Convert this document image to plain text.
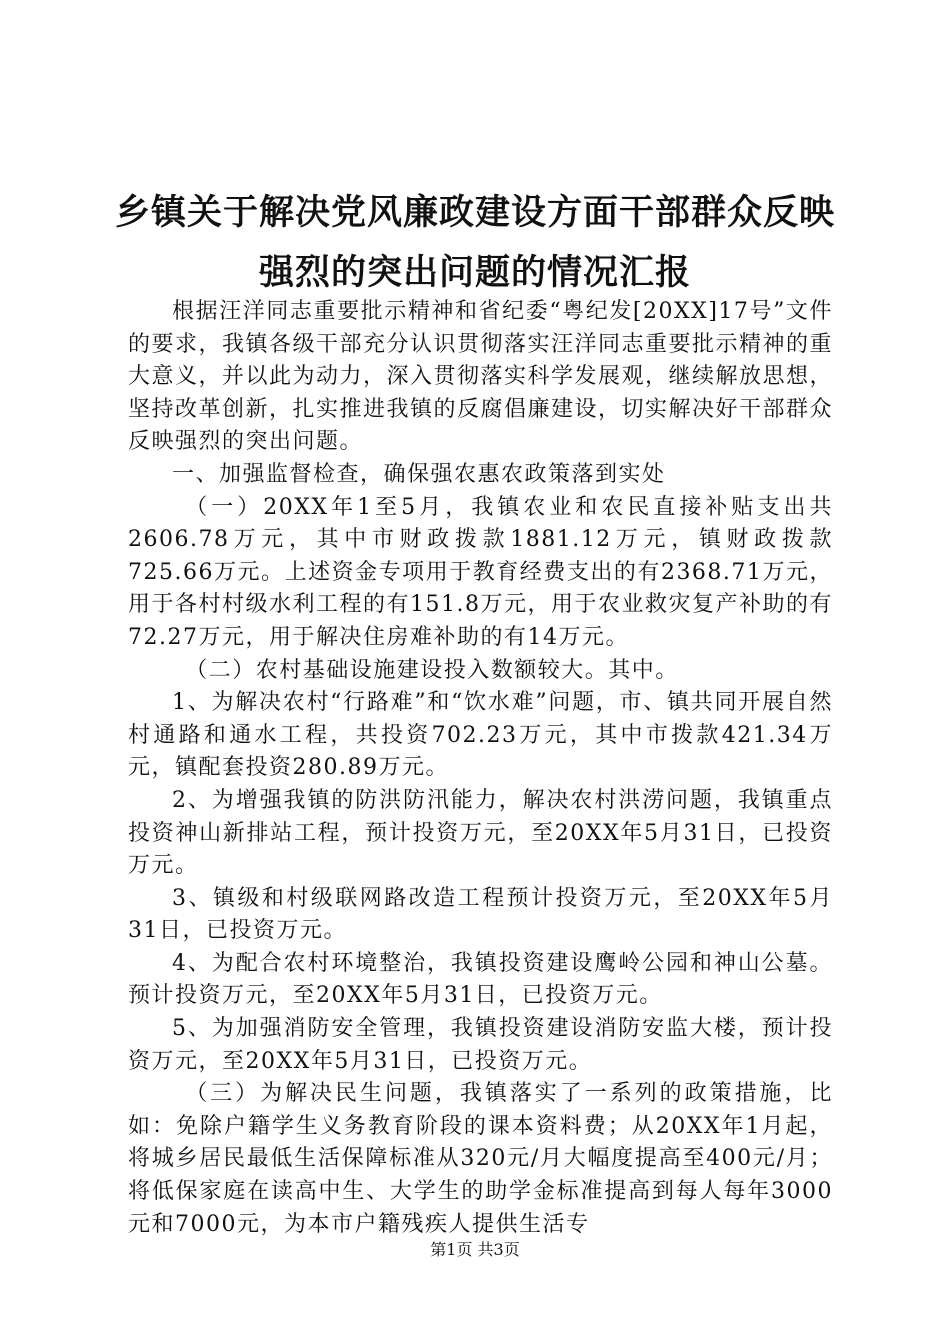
乡镇关于解决党风廉政建设方面干部群众反映
强烈的突出问题的情况汇报

根据汪洋同志重要批示精神和省纪委“粤纪发[20XX]17号”文件的要求，我镇各级干部充分认识贯彻落实汪洋同志重要批示精神的重大意义，并以此为动力，深入贯彻落实科学发展观，继续解放思想，坚持改革创新，扎实推进我镇的反腐倡廉建设，切实解决好干部群众反映强烈的突出问题。

一、加强监督检查，确保强农惠农政策落到实处

（一）20XX年1至5月，我镇农业和农民直接补贴支出共2606.78万元，其中市财政拨款1881.12万元，镇财政拨款725.66万元。上述资金专项用于教育经费支出的有2368.71万元，用于各村村级水利工程的有151.8万元，用于农业救灾复产补助的有72.27万元，用于解决住房难补助的有14万元。

（二）农村基础设施建设投入数额较大。其中。

1、为解决农村“行路难”和“饮水难”问题，市、镇共同开展自然村通路和通水工程，共投资702.23万元，其中市拨款421.34万元，镇配套投资280.89万元。

2、为增强我镇的防洪防汛能力，解决农村洪涝问题，我镇重点投资神山新排站工程，预计投资万元，至20XX年5月31日，已投资万元。

3、镇级和村级联网路改造工程预计投资万元，至20XX年5月31日，已投资万元。

4、为配合农村环境整治，我镇投资建设鹰岭公园和神山公墓。预计投资万元，至20XX年5月31日，已投资万元。

5、为加强消防安全管理，我镇投资建设消防安监大楼，预计投资万元，至20XX年5月31日，已投资万元。

（三）为解决民生问题，我镇落实了一系列的政策措施，比如：免除户籍学生义务教育阶段的课本资料费；从20XX年1月起，将城乡居民最低生活保障标准从320元/月大幅度提高至400元/月；将低保家庭在读高中生、大学生的助学金标准提高到每人每年3000元和7000元，为本市户籍残疾人提供生活专

第1页 共3页
